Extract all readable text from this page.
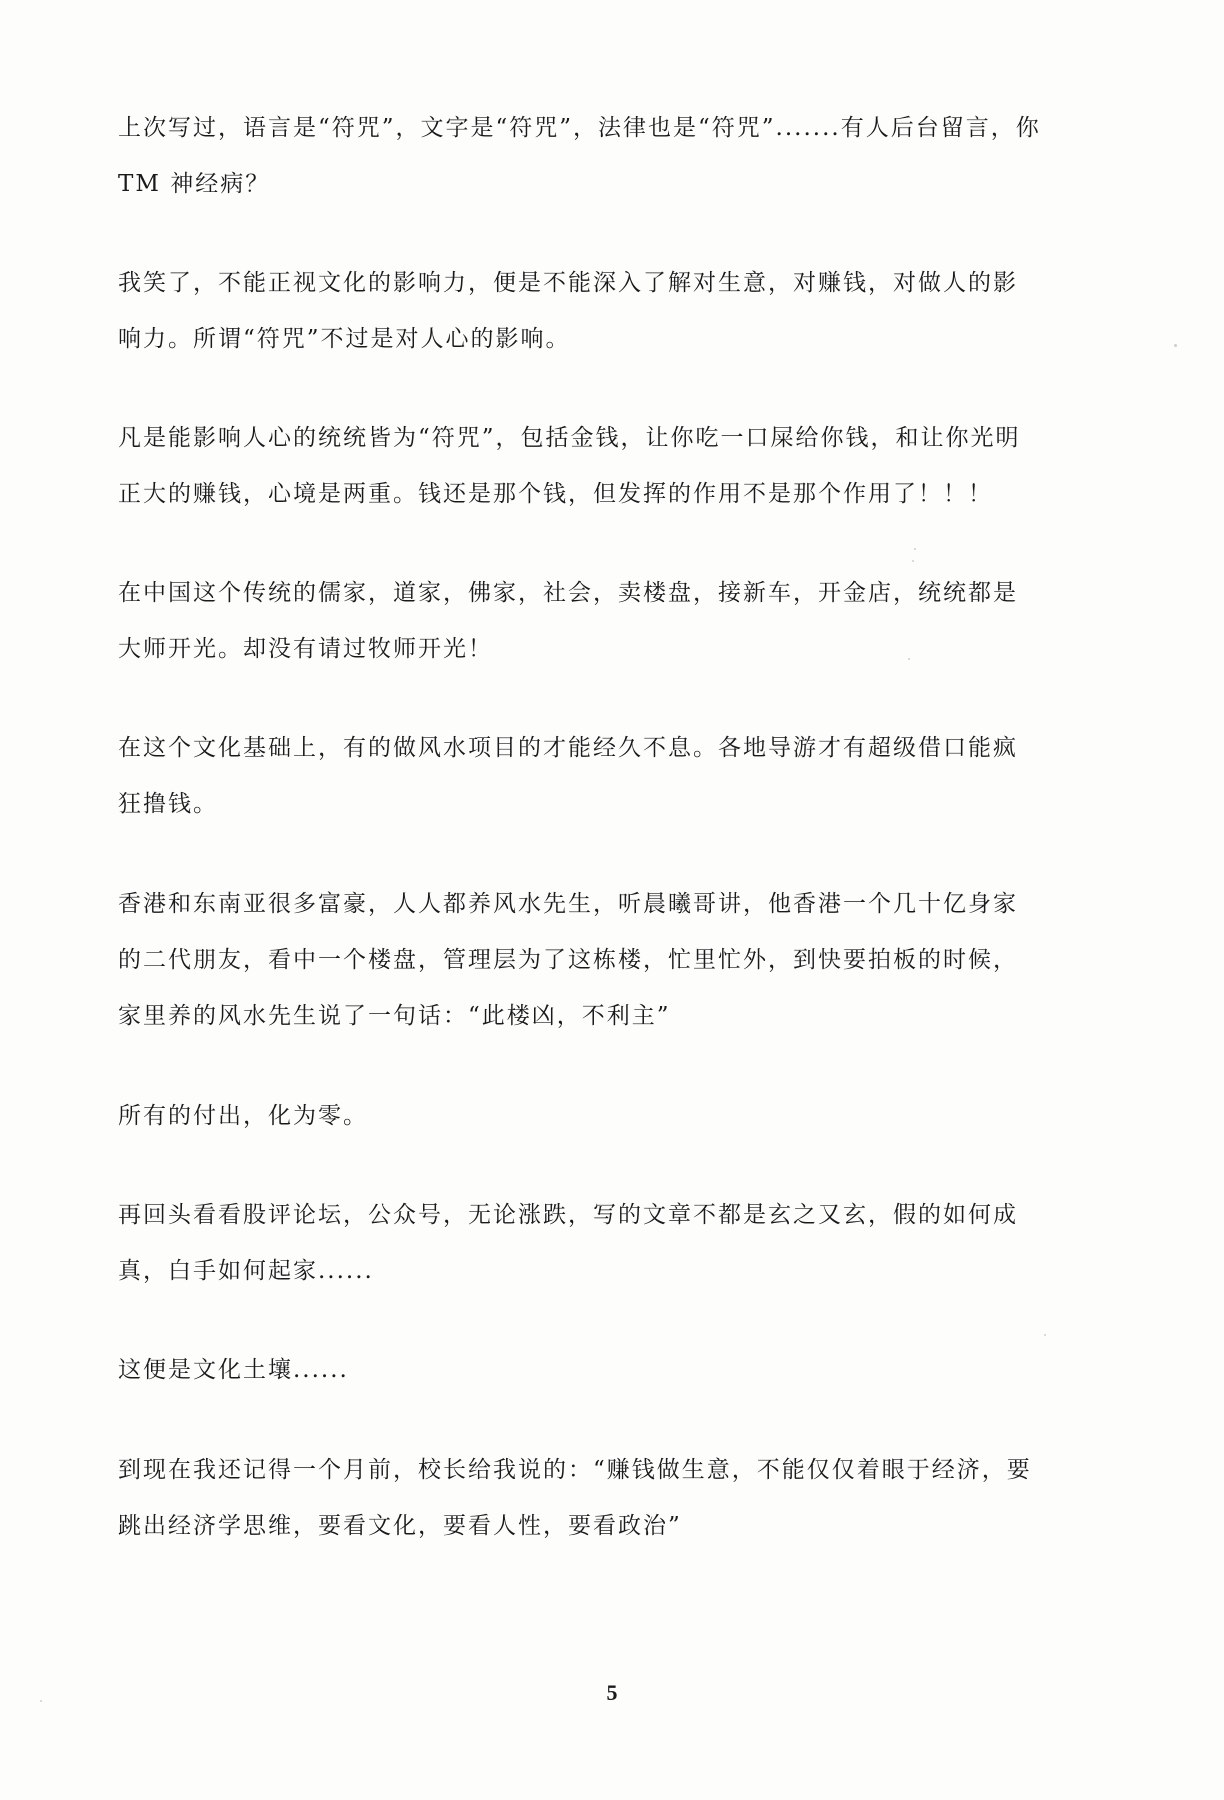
上次写过，语言是“符咒”，文字是“符咒”，法律也是“符咒”.......有人后台留言，你
TM 神经病？

我笑了，不能正视文化的影响力，便是不能深入了解对生意，对赚钱，对做人的影
响力。所谓“符咒”不过是对人心的影响。

凡是能影响人心的统统皆为“符咒”，包括金钱，让你吃一口屎给你钱，和让你光明
正大的赚钱，心境是两重。钱还是那个钱，但发挥的作用不是那个作用了！！！

在中国这个传统的儒家，道家，佛家，社会，卖楼盘，接新车，开金店，统统都是
大师开光。却没有请过牧师开光！

在这个文化基础上，有的做风水项目的才能经久不息。各地导游才有超级借口能疯
狂撸钱。

香港和东南亚很多富豪，人人都养风水先生，听晨曦哥讲，他香港一个几十亿身家
的二代朋友，看中一个楼盘，管理层为了这栋楼，忙里忙外，到快要拍板的时候，
家里养的风水先生说了一句话：“此楼凶，不利主”

所有的付出，化为零。

再回头看看股评论坛，公众号，无论涨跌，写的文章不都是玄之又玄，假的如何成
真，白手如何起家......

这便是文化土壤......

到现在我还记得一个月前，校长给我说的：“赚钱做生意，不能仅仅着眼于经济，要
跳出经济学思维，要看文化，要看人性，要看政治”

5
